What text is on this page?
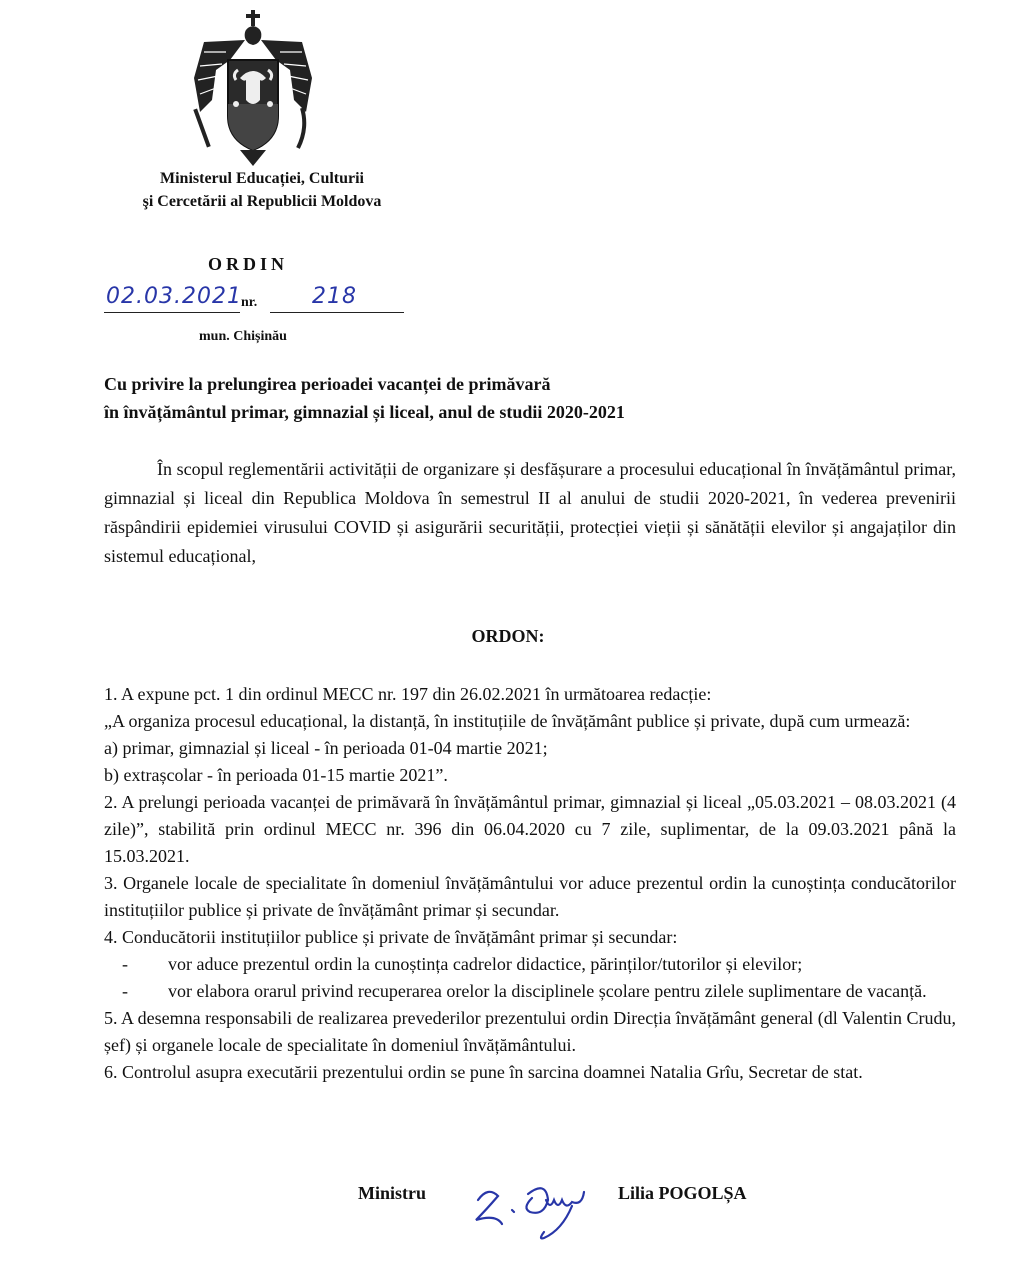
Ministerul Educației, Culturii
şi Cercetării al Republicii Moldova
ORDIN
02.03.2021 nr. 218
mun. Chișinău
Cu privire la prelungirea perioadei vacanței de primăvară
în învățământul primar, gimnazial și liceal, anul de studii 2020-2021
În scopul reglementării activității de organizare și desfășurare a procesului educațional în învățământul primar, gimnazial și liceal din Republica Moldova în semestrul II al anului de studii 2020-2021, în vederea prevenirii răspândirii epidemiei virusului COVID și asigurării securității, protecției vieții și sănătății elevilor și angajaților din sistemul educațional,
ORDON:

1. A expune pct. 1 din ordinul MECC nr. 197 din 26.02.2021 în următoarea redacție:

„A organiza procesul educațional, la distanță, în instituțiile de învățământ publice și private, după cum urmează:

a) primar, gimnazial și liceal - în perioada 01-04 martie 2021;

b) extrașcolar - în perioada 01-15 martie 2021”.

2. A prelungi perioada vacanței de primăvară în învățământul primar, gimnazial și liceal „05.03.2021 – 08.03.2021 (4 zile)”, stabilită prin ordinul MECC nr. 396 din 06.04.2020 cu 7 zile, suplimentar, de la 09.03.2021 până la 15.03.2021.

3. Organele locale de specialitate în domeniul învățământului vor aduce prezentul ordin la cunoștința conducătorilor instituțiilor publice și private de învățământ primar și secundar.

4. Conducătorii instituțiilor publice și private de învățământ primar și secundar:

-	vor aduce prezentul ordin la cunoștința cadrelor didactice, părinților/tutorilor și elevilor;
-	vor elabora orarul privind recuperarea orelor la disciplinele școlare pentru zilele suplimentare de vacanță.

5. A desemna responsabili de realizarea prevederilor prezentului ordin Direcția învățământ general (dl Valentin Crudu, șef) și organele locale de specialitate în domeniul învățământului.

6. Controlul asupra executării prezentului ordin se pune în sarcina doamnei Natalia Grîu, Secretar de stat.

Ministru	Lilia POGOLȘA
